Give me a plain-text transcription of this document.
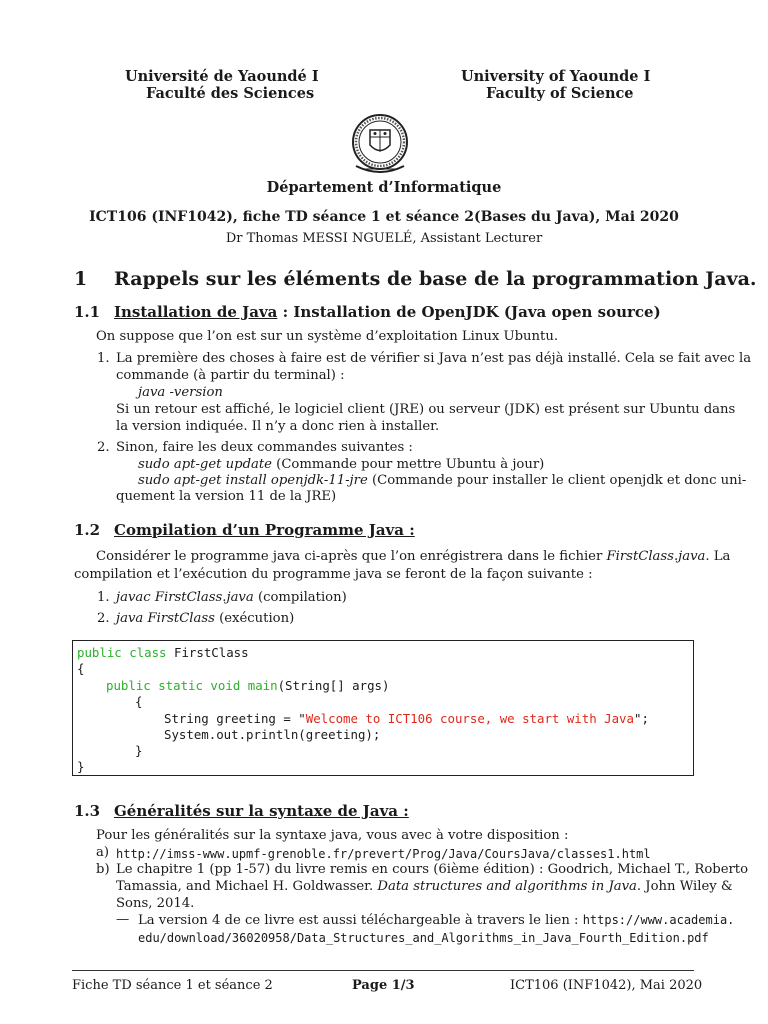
Université de Yaoundé I
Faculté des Sciences
University of Yaounde I
Faculty of Science
Département d’Informatique
ICT106 (INF1042), fiche TD séance 1 et séance 2(Bases du Java), Mai 2020
Dr Thomas MESSI NGUELÉ, Assistant Lecturer
1 Rappels sur les éléments de base de la programmation Java.
1.1 Installation de Java : Installation de OpenJDK (Java open source)
On suppose que l’on est sur un système d’exploitation Linux Ubuntu.
1. La première des choses à faire est de vérifier si Java n’est pas déjà installé. Cela se fait avec la
commande (à partir du terminal) :
java -version
Si un retour est affiché, le logiciel client (JRE) ou serveur (JDK) est présent sur Ubuntu dans
la version indiquée. Il n’y a donc rien à installer.
2. Sinon, faire les deux commandes suivantes :
sudo apt-get update (Commande pour mettre Ubuntu à jour)
sudo apt-get install openjdk-11-jre (Commande pour installer le client openjdk et donc uni-
quement la version 11 de la JRE)
1.2 Compilation d’un Programme Java :
Considérer le programme java ci-après que l’on enrégistrera dans le fichier FirstClass.java. La
compilation et l’exécution du programme java se feront de la façon suivante :
1. javac FirstClass.java (compilation)
2. java FirstClass (exécution)
public class FirstClass
{
public static void main(String[] args)
{
String greeting = "Welcome to ICT106 course, we start with Java";
System.out.println(greeting);
}
}
1.3 Généralités sur la syntaxe de Java :
Pour les généralités sur la syntaxe java, vous avec à votre disposition :
a) http://imss-www.upmf-grenoble.fr/prevert/Prog/Java/CoursJava/classes1.html
b) Le chapitre 1 (pp 1-57) du livre remis en cours (6ième édition) : Goodrich, Michael T., Roberto
Tamassia, and Michael H. Goldwasser. Data structures and algorithms in Java. John Wiley &
Sons, 2014.
— La version 4 de ce livre est aussi téléchargeable à travers le lien : https://www.academia.
edu/download/36020958/Data_Structures_and_Algorithms_in_Java_Fourth_Edition.pdf
Fiche TD séance 1 et séance 2	Page 1/3	ICT106 (INF1042), Mai 2020
